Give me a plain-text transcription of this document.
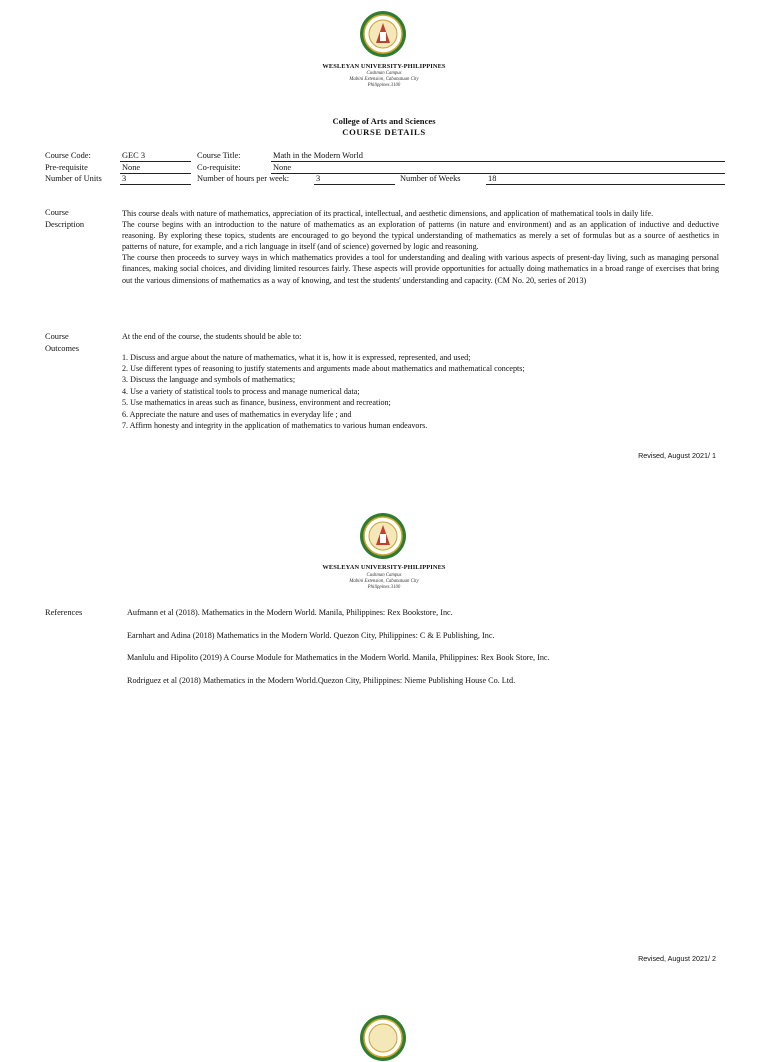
WESLEYAN UNIVERSITY-PHILIPPINES
Cushman Campus
Mabini Extension, Cabanatuan City
Philippines 3100
College of Arts and Sciences
COURSE DETAILS
Course Code:	GEC 3	Course Title:	Math in the Modern World
Pre-requisite	None	Co-requisite:	None
Number of Units 3	Number of hours per week:	3	Number of Weeks	18
Course
Description

This course deals with nature of mathematics, appreciation of its practical, intellectual, and aesthetic dimensions, and application of mathematical tools in daily life.

The course begins with an introduction to the nature of mathematics as an exploration of patterns (in nature and environment) and as an application of inductive and deductive reasoning. By exploring these topics, students are encouraged to go beyond the typical understanding of mathematics as merely a set of formulas but as a source of aesthetics in patterns of nature, for example, and a rich language in itself (and of science) governed by logic and reasoning.

The course then proceeds to survey ways in which mathematics provides a tool for understanding and dealing with various aspects of present-day living, such as managing personal finances, making social choices, and dividing limited resources fairly. These aspects will provide opportunities for actually doing mathematics in a broad range of exercises that bring out the various dimensions of mathematics as a way of knowing, and test the students' understanding and capacity. (CM No. 20, series of 2013)

Course
Outcomes
At the end of the course, the students should be able to:
1. Discuss and argue about the nature of mathematics, what it is, how it is expressed, represented, and used;
2. Use different types of reasoning to justify statements and arguments made about mathematics and mathematical concepts;
3. Discuss the language and symbols of mathematics;
4. Use a variety of statistical tools to process and manage numerical data;
5. Use mathematics in areas such as finance, business, environment and recreation;
6. Appreciate the nature and uses of mathematics in everyday life ; and
7. Affirm honesty and integrity in the application of mathematics to various human endeavors.
Revised, August 2021/ 1
WESLEYAN UNIVERSITY-PHILIPPINES
Cushman Campus
Mabini Extension, Cabanatuan City
Philippines 3100
References	Aufmann et al (2018). Mathematics in the Modern World. Manila, Philippines: Rex Bookstore, Inc.
Earnhart and Adina (2018) Mathematics in the Modern World. Quezon City, Philippines: C & E Publishing, Inc.
Manlulu and Hipolito (2019) A Course Module for Mathematics in the Modern World. Manila, Philippines: Rex Book Store, Inc.
Rodriguez et al (2018) Mathematics in the Modern World.Quezon City, Philippines: Nieme Publishing House Co. Ltd.
Revised, August 2021/ 2
